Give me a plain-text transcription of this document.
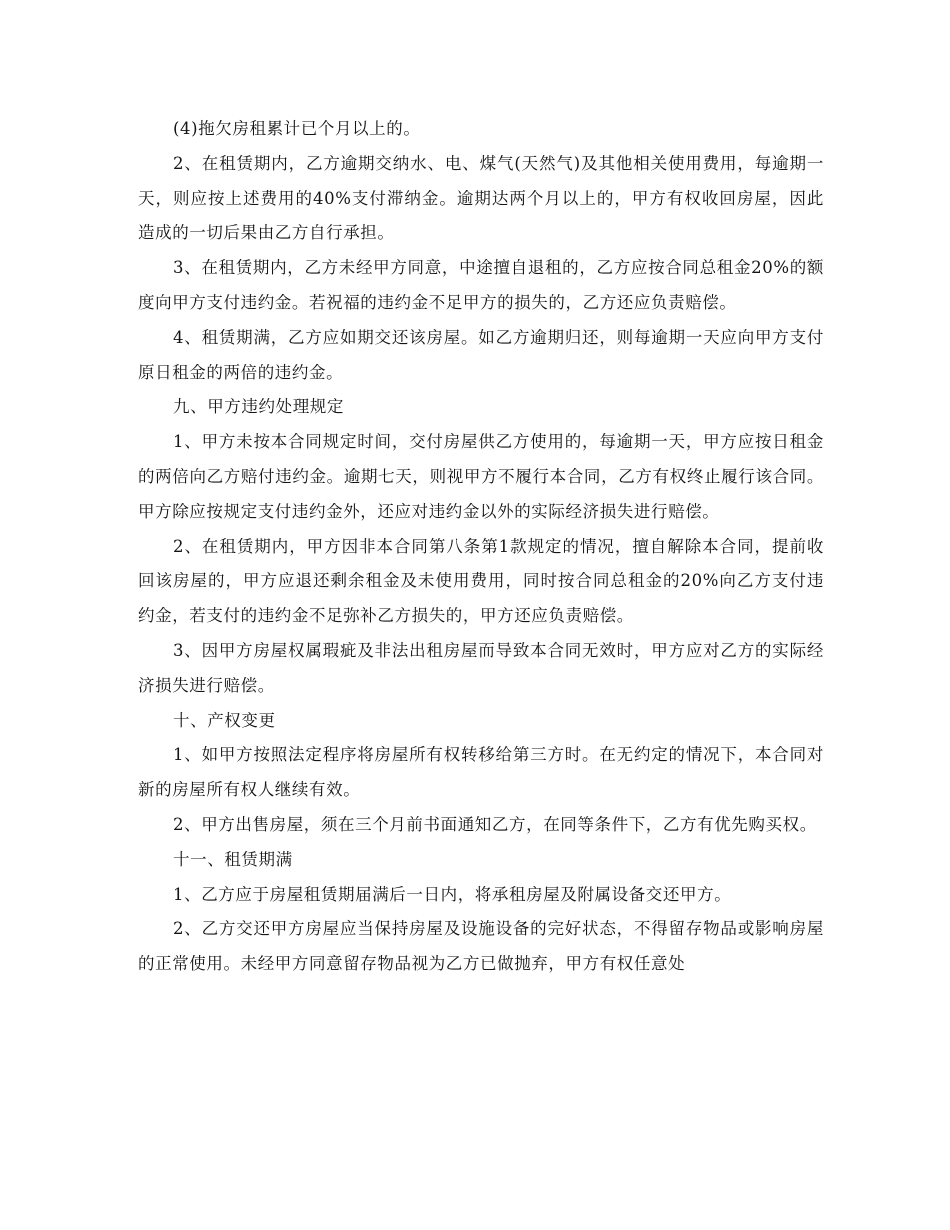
(4)拖欠房租累计已个月以上的。

2、在租赁期内，乙方逾期交纳水、电、煤气(天然气)及其他相关使用费用，每逾期一天，则应按上述费用的40%支付滞纳金。逾期达两个月以上的，甲方有权收回房屋，因此造成的一切后果由乙方自行承担。

3、在租赁期内，乙方未经甲方同意，中途擅自退租的，乙方应按合同总租金20%的额度向甲方支付违约金。若祝福的违约金不足甲方的损失的，乙方还应负责赔偿。

4、租赁期满，乙方应如期交还该房屋。如乙方逾期归还，则每逾期一天应向甲方支付原日租金的两倍的违约金。

九、甲方违约处理规定

1、甲方未按本合同规定时间，交付房屋供乙方使用的，每逾期一天，甲方应按日租金的两倍向乙方赔付违约金。逾期七天，则视甲方不履行本合同，乙方有权终止履行该合同。甲方除应按规定支付违约金外，还应对违约金以外的实际经济损失进行赔偿。

2、在租赁期内，甲方因非本合同第八条第1款规定的情况，擅自解除本合同，提前收回该房屋的，甲方应退还剩余租金及未使用费用，同时按合同总租金的20%向乙方支付违约金，若支付的违约金不足弥补乙方损失的，甲方还应负责赔偿。

3、因甲方房屋权属瑕疵及非法出租房屋而导致本合同无效时，甲方应对乙方的实际经济损失进行赔偿。

十、产权变更

1、如甲方按照法定程序将房屋所有权转移给第三方时。在无约定的情况下，本合同对新的房屋所有权人继续有效。

2、甲方出售房屋，须在三个月前书面通知乙方，在同等条件下，乙方有优先购买权。

十一、租赁期满

1、乙方应于房屋租赁期届满后一日内，将承租房屋及附属设备交还甲方。

2、乙方交还甲方房屋应当保持房屋及设施设备的完好状态，不得留存物品或影响房屋的正常使用。未经甲方同意留存物品视为乙方已做抛弃，甲方有权任意处
